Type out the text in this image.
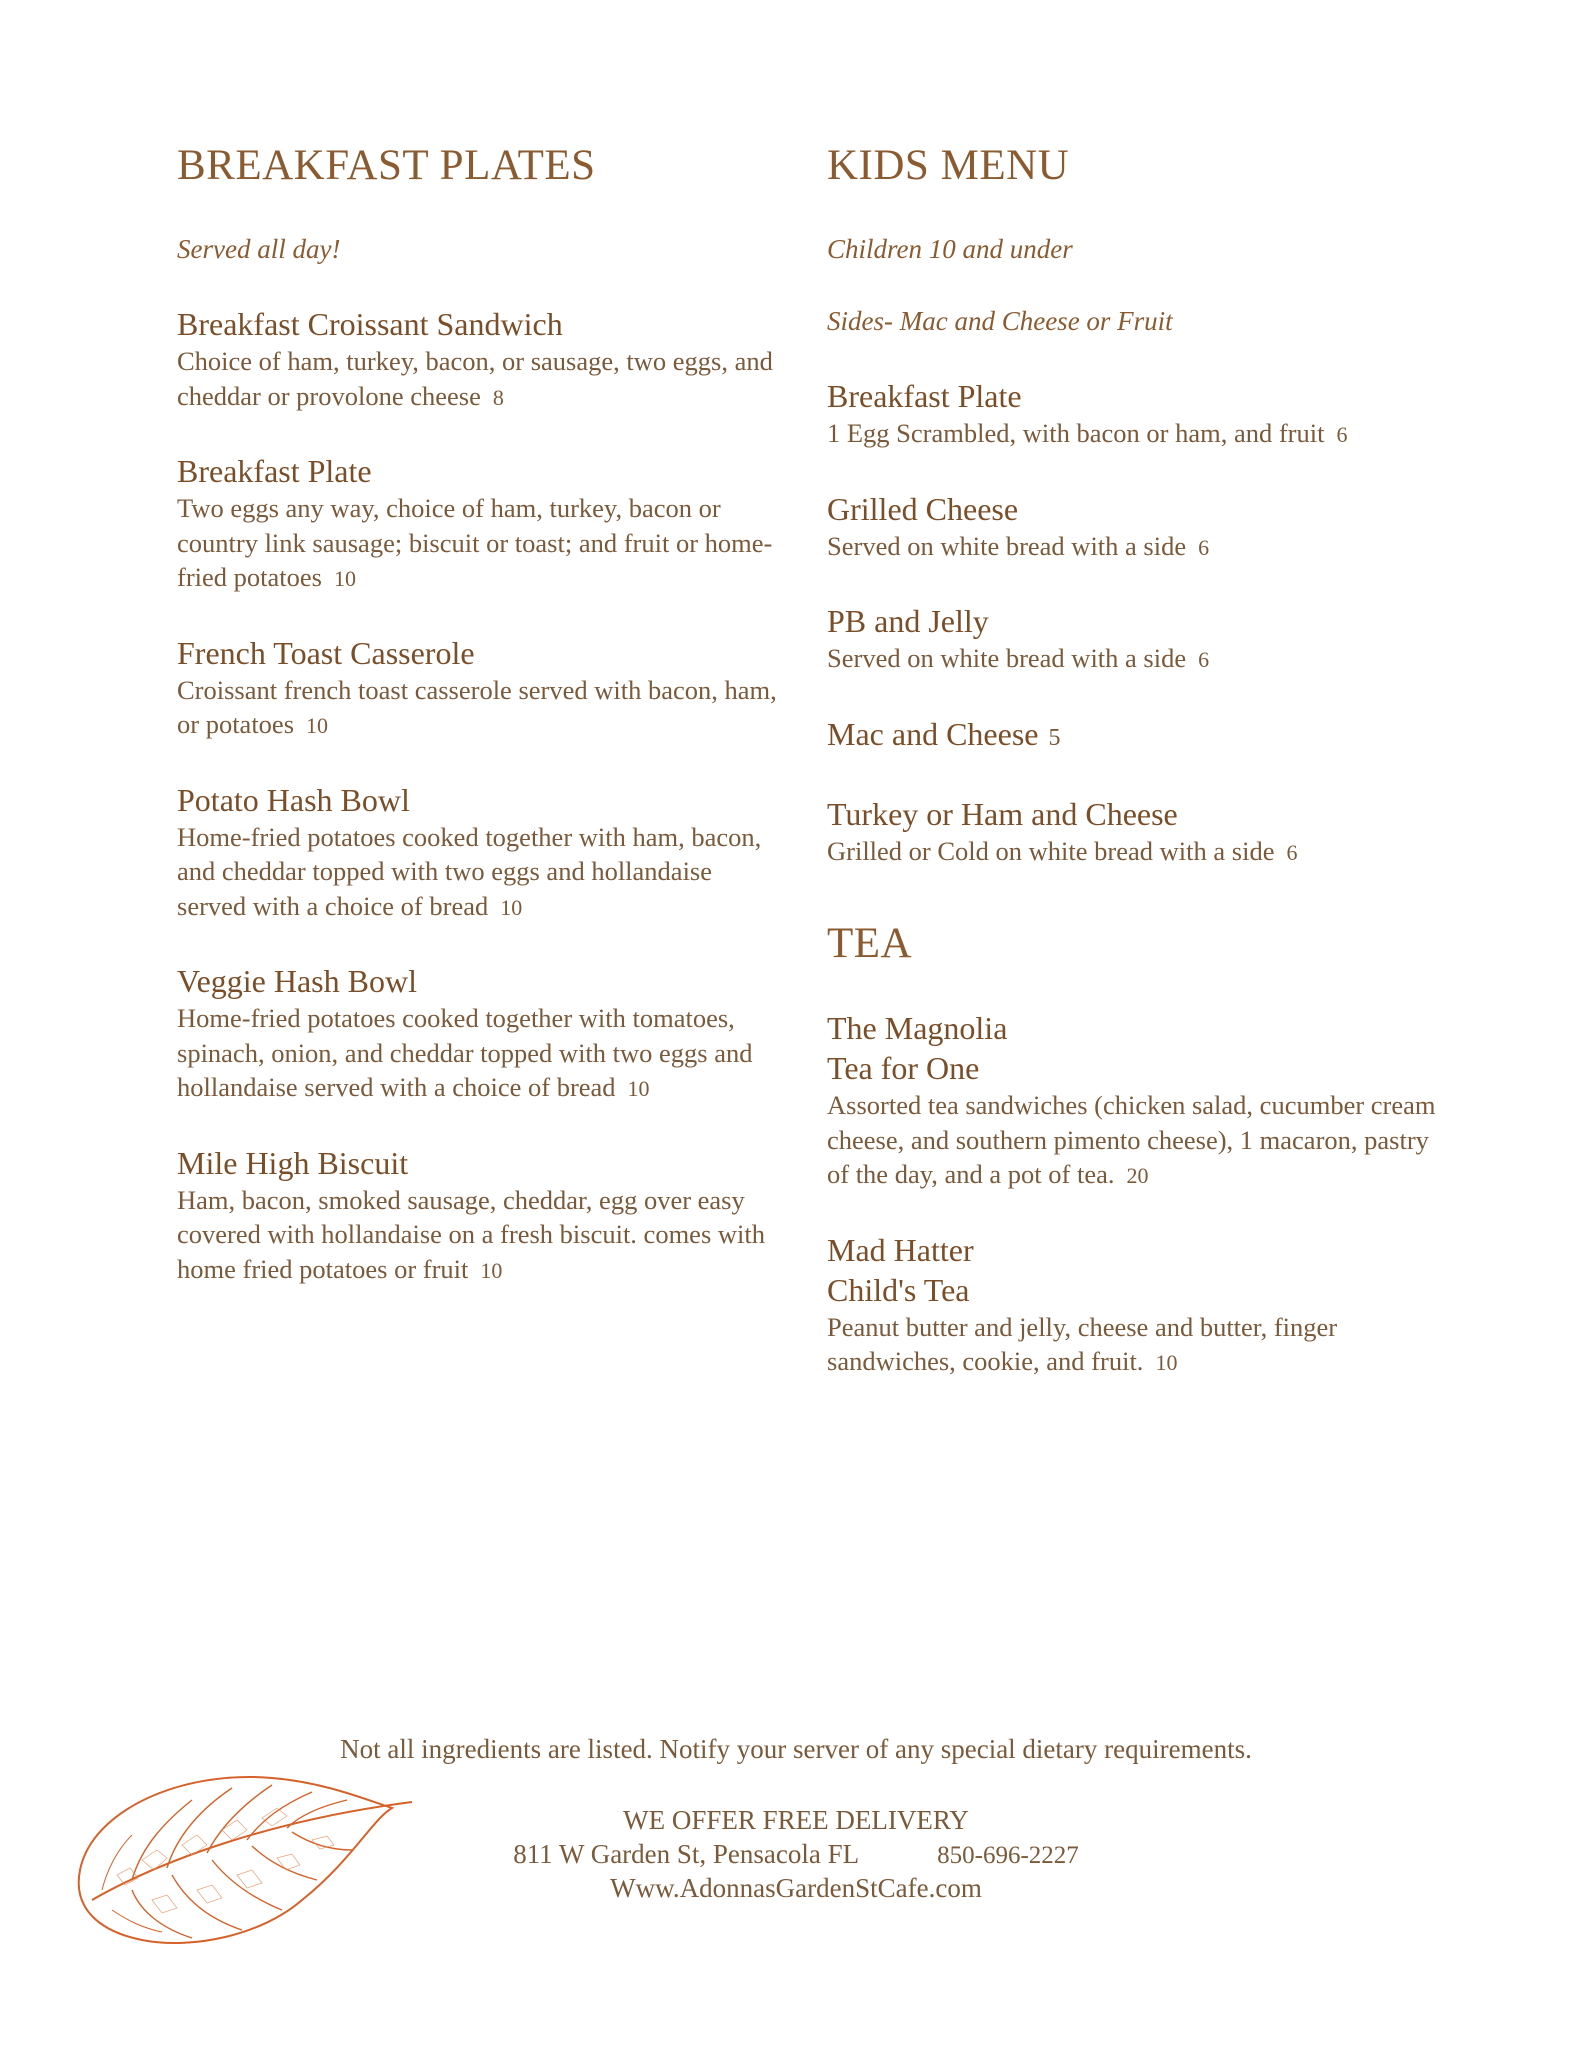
BREAKFAST PLATES
Served all day!
Breakfast Croissant Sandwich
Choice of ham, turkey, bacon, or sausage, two eggs, and cheddar or provolone cheese 8
Breakfast Plate
Two eggs any way, choice of ham, turkey, bacon or country link sausage; biscuit or toast; and fruit or home-fried potatoes 10
French Toast Casserole
Croissant french toast casserole served with bacon, ham, or potatoes 10
Potato Hash Bowl
Home-fried potatoes cooked together with ham, bacon, and cheddar topped with two eggs and hollandaise served with a choice of bread 10
Veggie Hash Bowl
Home-fried potatoes cooked together with tomatoes, spinach, onion, and cheddar topped with two eggs and hollandaise served with a choice of bread 10
Mile High Biscuit
Ham, bacon, smoked sausage, cheddar, egg over easy covered with hollandaise on a fresh biscuit. comes with home fried potatoes or fruit 10
KIDS MENU
Children 10 and under
Sides- Mac and Cheese or Fruit
Breakfast Plate
1 Egg Scrambled, with bacon or ham, and fruit 6
Grilled Cheese
Served on white bread with a side 6
PB and Jelly
Served on white bread with a side 6
Mac and Cheese 5
Turkey or Ham and Cheese
Grilled or Cold on white bread with a side 6
TEA
The Magnolia
Tea for One
Assorted tea sandwiches (chicken salad, cucumber cream cheese, and southern pimento cheese), 1 macaron, pastry of the day, and a pot of tea. 20
Mad Hatter
Child's Tea
Peanut butter and jelly, cheese and butter, finger sandwiches, cookie, and fruit. 10
Not all ingredients are listed. Notify your server of any special dietary requirements.
WE OFFER FREE DELIVERY
811 W Garden St, Pensacola FL	850-696-2227
Www.AdonnasGardenStCafe.com
